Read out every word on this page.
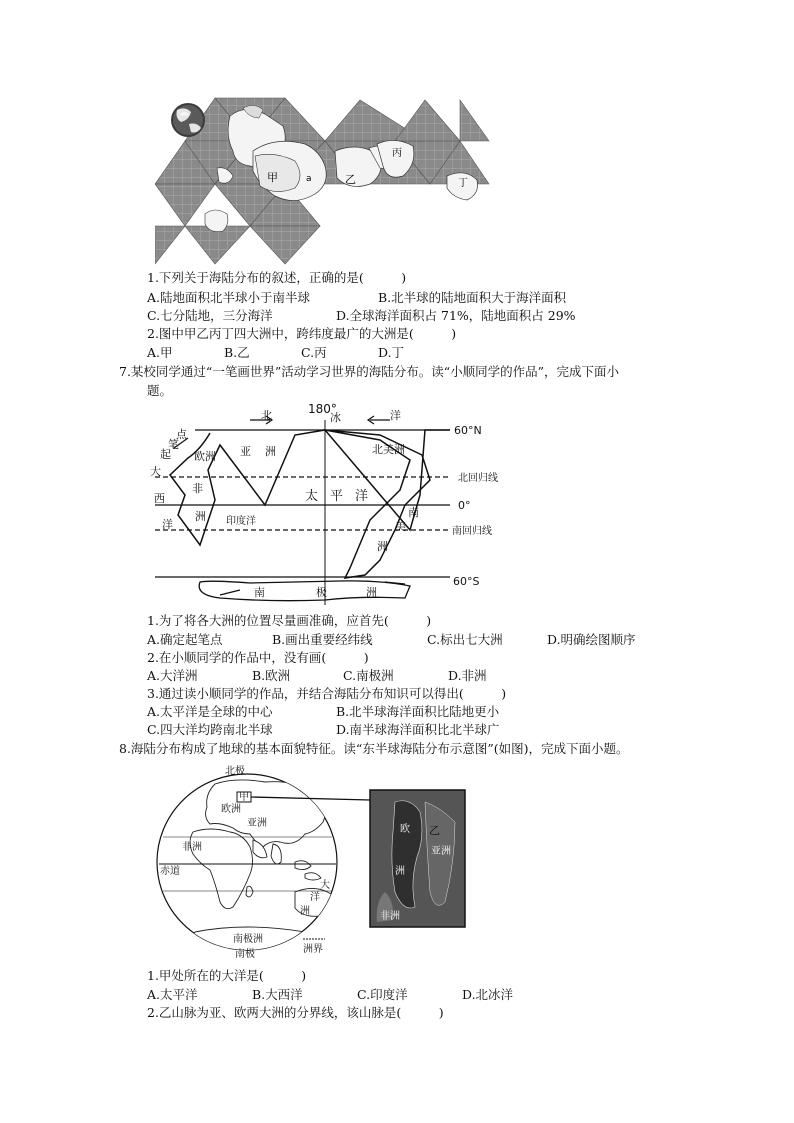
甲	a	乙
丙
丁
1.下列关于海陆分布的叙述，正确的是(　　　)
A.陆地面积北半球小于南半球	B.北半球的陆地面积大于海洋面积
C.七分陆地，三分海洋	D.全球海洋面积占 71%，陆地面积占 29%
2.图中甲乙丙丁四大洲中，跨纬度最广的大洲是(　　　)
A.甲	B.乙	C.丙	D.丁
7.某校同学通过“一笔画世界”活动学习世界的海陆分布。读“小顺同学的作品”，完成下面小
题。
180°
60°N
0°
60°S
北回归线
南回归线
北	冰	洋
起
笔
点
欧洲 亚 洲	北美洲
大
西
洋
非
洲 印度洋
太 平 洋
南
美
洲
南	极	洲
1.为了将各大洲的位置尽量画准确，应首先(　　　)
A.确定起笔点	B.画出重要经纬线	C.标出七大洲	D.明确绘图顺序
2.在小顺同学的作品中，没有画(　　　)
A.大洋洲	B.欧洲	C.南极洲	D.非洲
3.通过读小顺同学的作品，并结合海陆分布知识可以得出(　　　)
A.太平洋是全球的中心	B.北半球海洋面积比陆地更小
C.四大洋均跨南北半球	D.南半球海洋面积比北半球广
8.海陆分布构成了地球的基本面貌特征。读“东半球海陆分布示意图”(如图)，完成下面小题。
北极
甲
欧洲
亚洲
非洲
赤道
大
洋
洲
南极洲
南极	洲界
乙
欧
洲
亚洲
非洲
1.甲处所在的大洋是(　　　)
A.太平洋	B.大西洋	C.印度洋	D.北冰洋
2.乙山脉为亚、欧两大洲的分界线，该山脉是(　　　)
